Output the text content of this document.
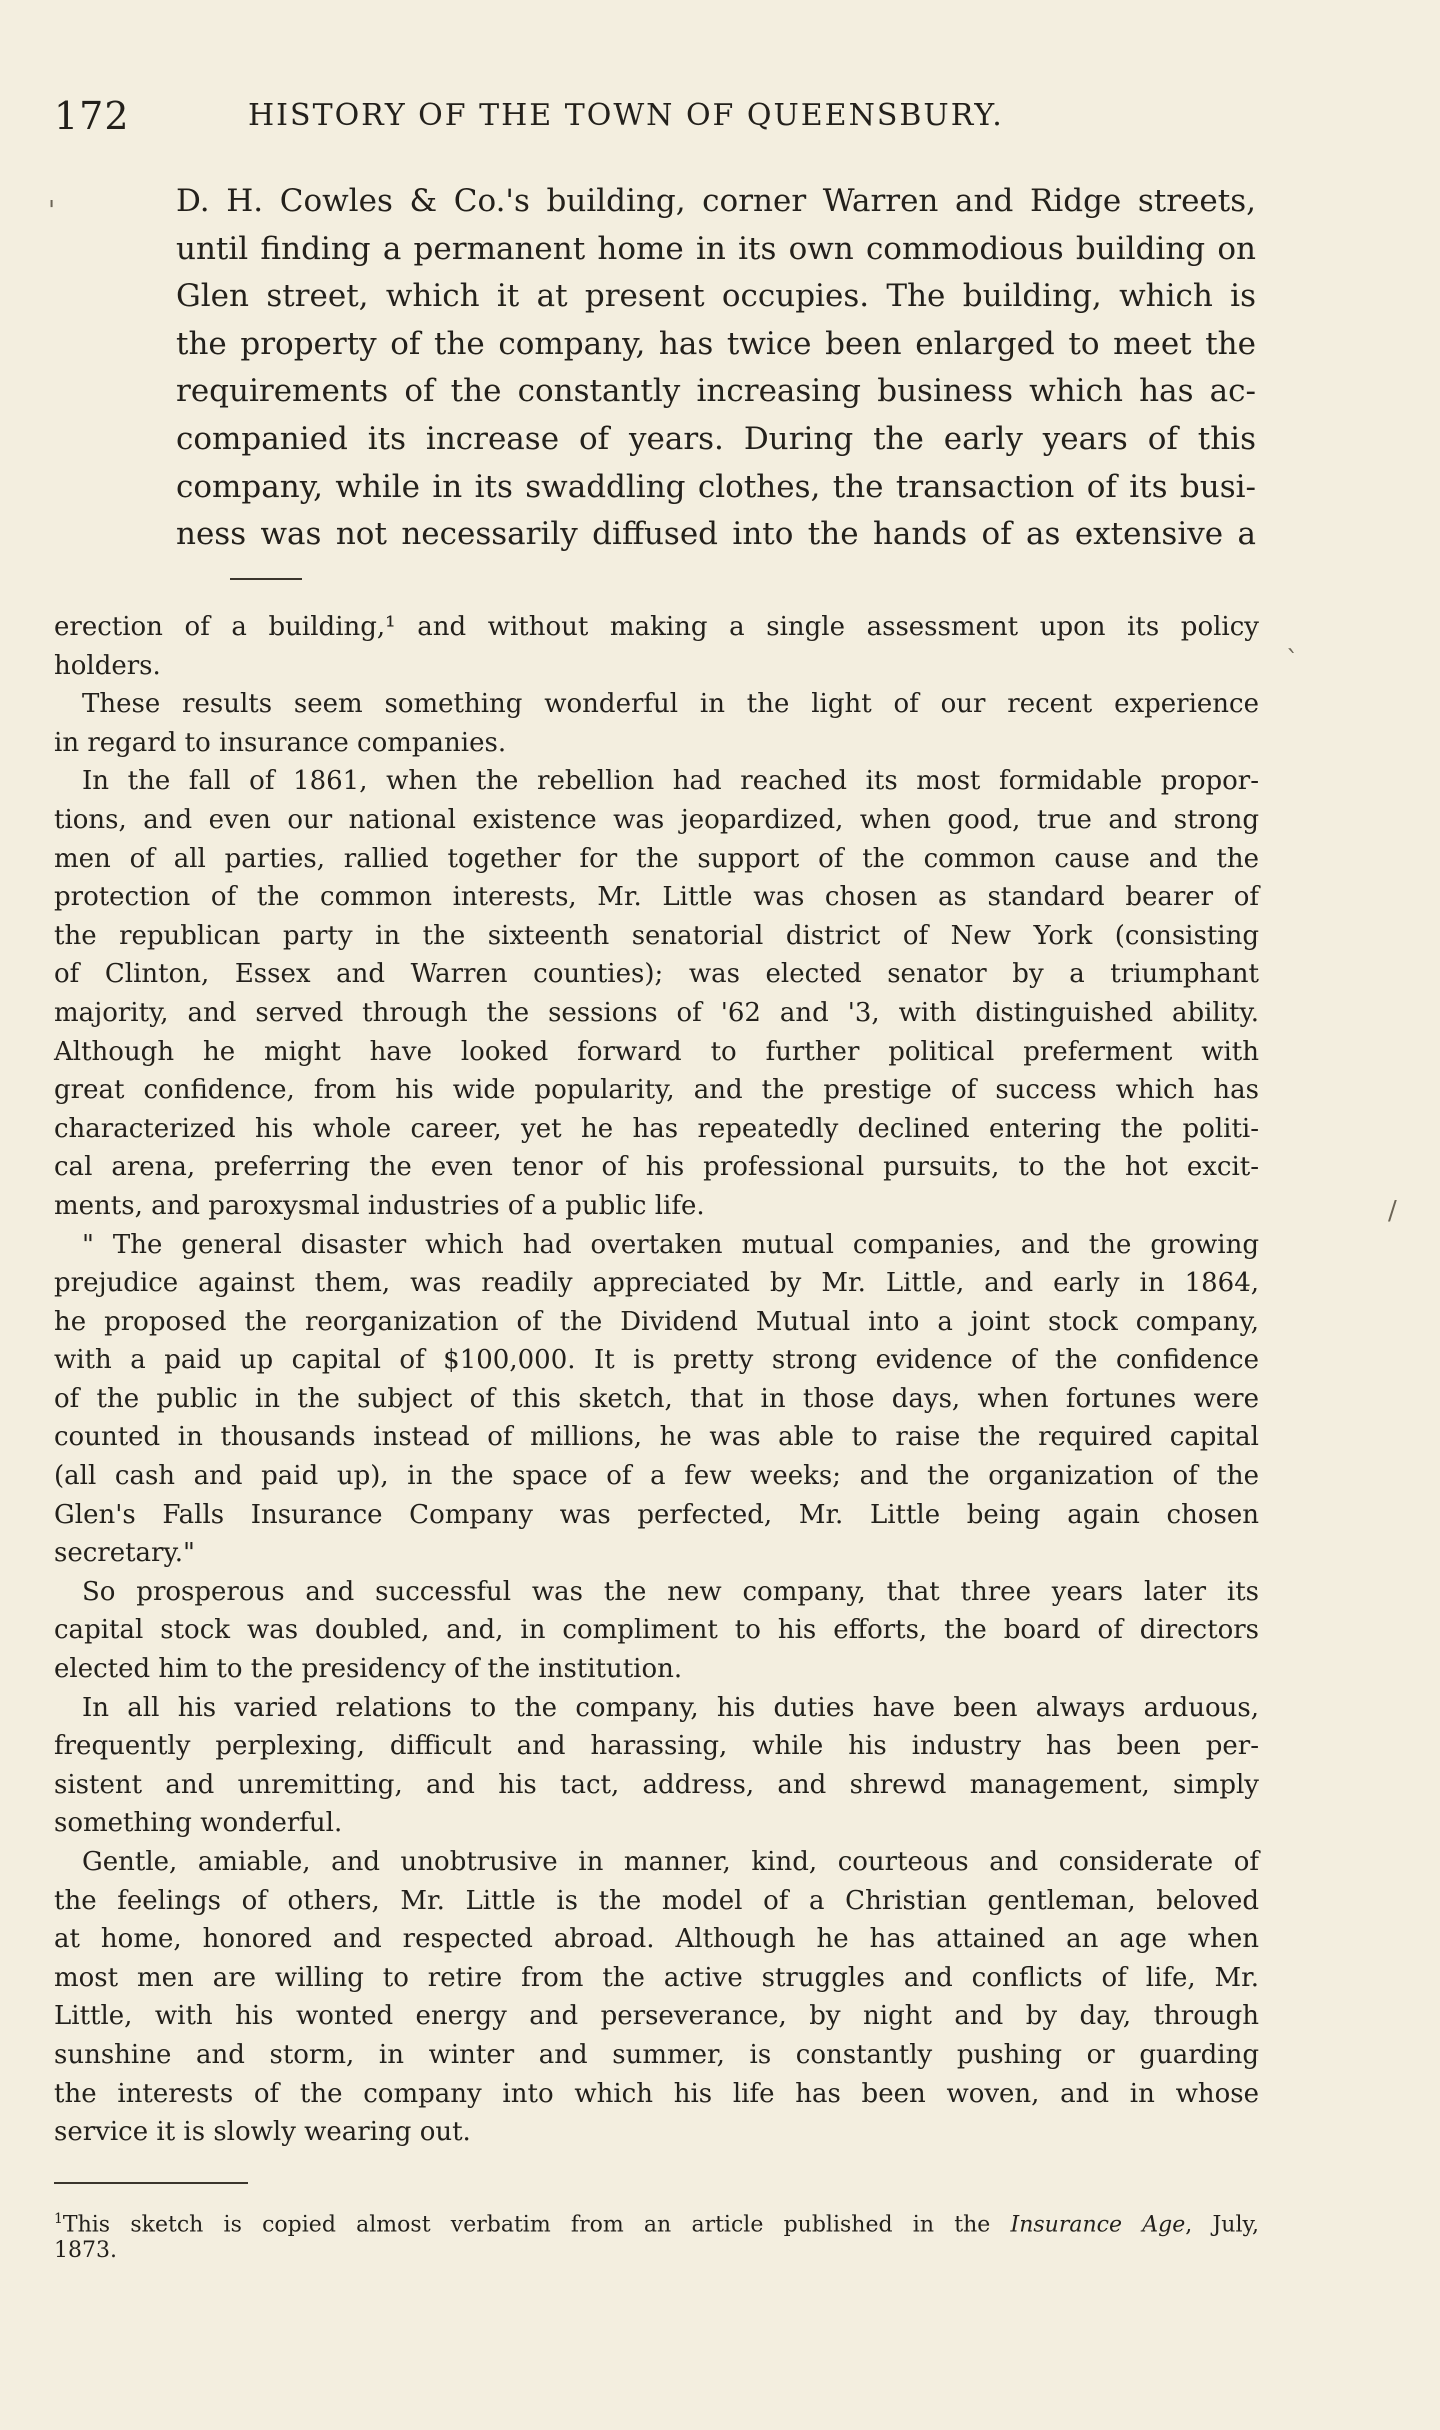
172	HISTORY OF THE TOWN OF QUEENSBURY.
'
`
/
D. H. Cowles & Co.'s building, corner Warren and Ridge streets,
until finding a permanent home in its own commodious building on
Glen street, which it at present occupies. The building, which is
the property of the company, has twice been enlarged to meet the
requirements of the constantly increasing business which has ac-
companied its increase of years. During the early years of this
company, while in its swaddling clothes, the transaction of its busi-
ness was not necessarily diffused into the hands of as extensive a
erection of a building,¹ and without making a single assessment upon its policy
holders.
These results seem something wonderful in the light of our recent experience
in regard to insurance companies.
In the fall of 1861, when the rebellion had reached its most formidable propor-
tions, and even our national existence was jeopardized, when good, true and strong
men of all parties, rallied together for the support of the common cause and the
protection of the common interests, Mr. Little was chosen as standard bearer of
the republican party in the sixteenth senatorial district of New York (consisting
of Clinton, Essex and Warren counties); was elected senator by a triumphant
majority, and served through the sessions of '62 and '3, with distinguished ability.
Although he might have looked forward to further political preferment with
great confidence, from his wide popularity, and the prestige of success which has
characterized his whole career, yet he has repeatedly declined entering the politi-
cal arena, preferring the even tenor of his professional pursuits, to the hot excit-
ments, and paroxysmal industries of a public life.
" The general disaster which had overtaken mutual companies, and the growing
prejudice against them, was readily appreciated by Mr. Little, and early in 1864,
he proposed the reorganization of the Dividend Mutual into a joint stock company,
with a paid up capital of $100,000. It is pretty strong evidence of the confidence
of the public in the subject of this sketch, that in those days, when fortunes were
counted in thousands instead of millions, he was able to raise the required capital
(all cash and paid up), in the space of a few weeks; and the organization of the
Glen's Falls Insurance Company was perfected, Mr. Little being again chosen
secretary."
So prosperous and successful was the new company, that three years later its
capital stock was doubled, and, in compliment to his efforts, the board of directors
elected him to the presidency of the institution.
In all his varied relations to the company, his duties have been always arduous,
frequently perplexing, difficult and harassing, while his industry has been per-
sistent and unremitting, and his tact, address, and shrewd management, simply
something wonderful.
Gentle, amiable, and unobtrusive in manner, kind, courteous and considerate of
the feelings of others, Mr. Little is the model of a Christian gentleman, beloved
at home, honored and respected abroad. Although he has attained an age when
most men are willing to retire from the active struggles and conflicts of life, Mr.
Little, with his wonted energy and perseverance, by night and by day, through
sunshine and storm, in winter and summer, is constantly pushing or guarding
the interests of the company into which his life has been woven, and in whose
service it is slowly wearing out.
$^1$This sketch is copied almost verbatim from an article published in the Insurance Age, July,
1873.
